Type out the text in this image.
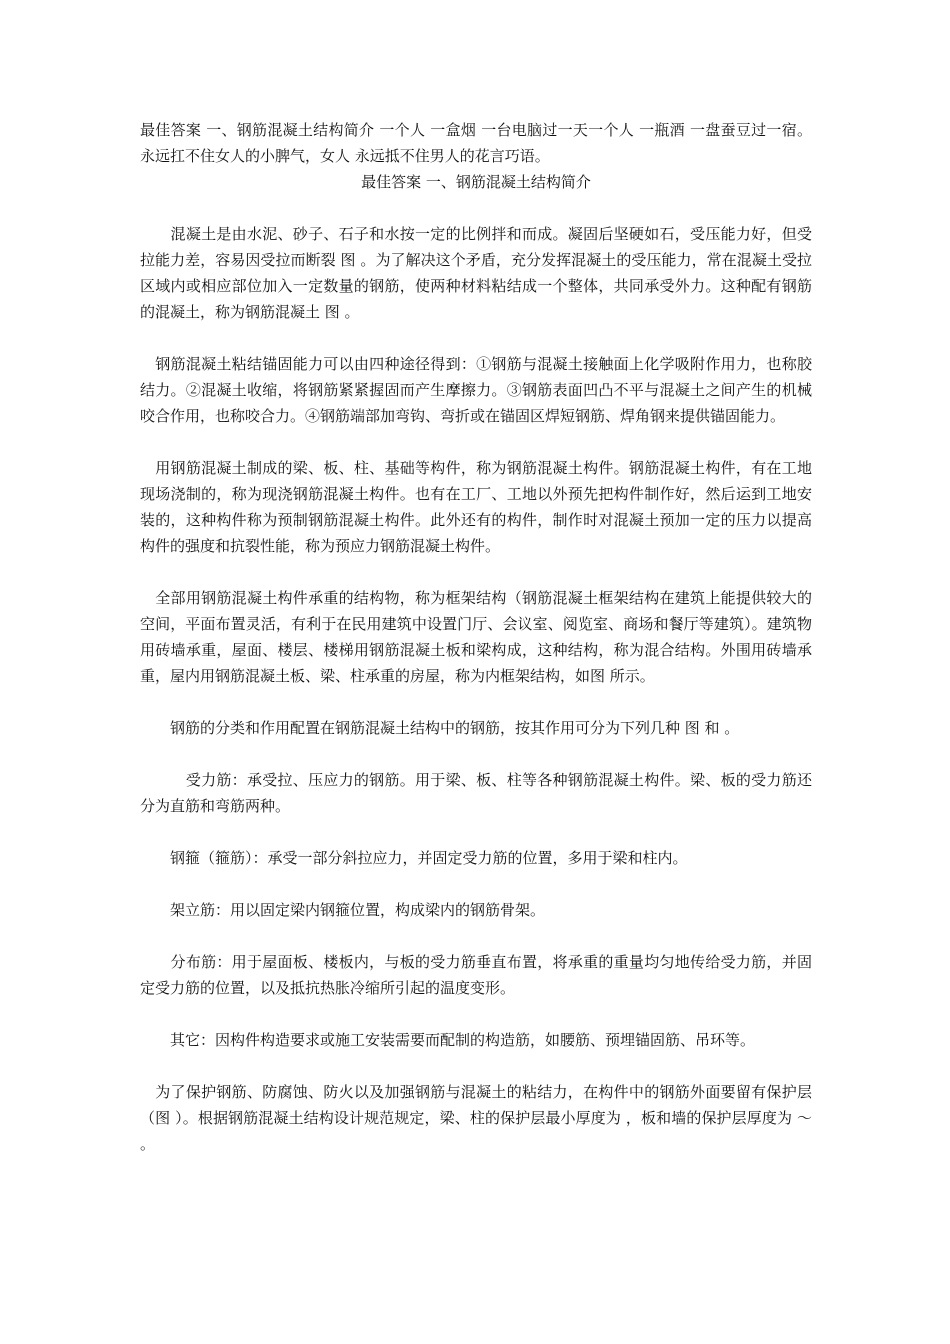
最佳答案 一、钢筋混凝土结构简介 一个人 一盒烟 一台电脑过一天一个人 一瓶酒 一盘蚕豆过一宿。永远扛不住女人的小脾气，女人 永远抵不住男人的花言巧语。

最佳答案 一、钢筋混凝土结构简介

　　混凝土是由水泥、砂子、石子和水按一定的比例拌和而成。凝固后坚硬如石，受压能力好，但受拉能力差，容易因受拉而断裂 图 。为了解决这个矛盾，充分发挥混凝土的受压能力，常在混凝土受拉区域内或相应部位加入一定数量的钢筋，使两种材料粘结成一个整体，共同承受外力。这种配有钢筋的混凝土，称为钢筋混凝土 图 。

　钢筋混凝土粘结锚固能力可以由四种途径得到：①钢筋与混凝土接触面上化学吸附作用力，也称胶结力。②混凝土收缩，将钢筋紧紧握固而产生摩擦力。③钢筋表面凹凸不平与混凝土之间产生的机械咬合作用，也称咬合力。④钢筋端部加弯钩、弯折或在锚固区焊短钢筋、焊角钢来提供锚固能力。

　用钢筋混凝土制成的梁、板、柱、基础等构件，称为钢筋混凝土构件。钢筋混凝土构件，有在工地现场浇制的，称为现浇钢筋混凝土构件。也有在工厂、工地以外预先把构件制作好，然后运到工地安装的，这种构件称为预制钢筋混凝土构件。此外还有的构件，制作时对混凝土预加一定的压力以提高构件的强度和抗裂性能，称为预应力钢筋混凝土构件。

　全部用钢筋混凝土构件承重的结构物，称为框架结构（钢筋混凝土框架结构在建筑上能提供较大的空间，平面布置灵活，有利于在民用建筑中设置门厅、会议室、阅览室、商场和餐厅等建筑）。建筑物用砖墙承重，屋面、楼层、楼梯用钢筋混凝土板和梁构成，这种结构，称为混合结构。外围用砖墙承重，屋内用钢筋混凝土板、梁、柱承重的房屋，称为内框架结构，如图 所示。

　　钢筋的分类和作用配置在钢筋混凝土结构中的钢筋，按其作用可分为下列几种 图 和 。

　　　受力筋：承受拉、压应力的钢筋。用于梁、板、柱等各种钢筋混凝土构件。梁、板的受力筋还分为直筋和弯筋两种。

　　钢箍（箍筋）：承受一部分斜拉应力，并固定受力筋的位置，多用于梁和柱内。

　　架立筋：用以固定梁内钢箍位置，构成梁内的钢筋骨架。

　　分布筋：用于屋面板、楼板内，与板的受力筋垂直布置，将承重的重量均匀地传给受力筋，并固定受力筋的位置，以及抵抗热胀冷缩所引起的温度变形。

　　其它：因构件构造要求或施工安装需要而配制的构造筋，如腰筋、预埋锚固筋、吊环等。

　为了保护钢筋、防腐蚀、防火以及加强钢筋与混凝土的粘结力，在构件中的钢筋外面要留有保护层（图 ）。根据钢筋混凝土结构设计规范规定，梁、柱的保护层最小厚度为 ，板和墙的保护层厚度为 ～ 。
